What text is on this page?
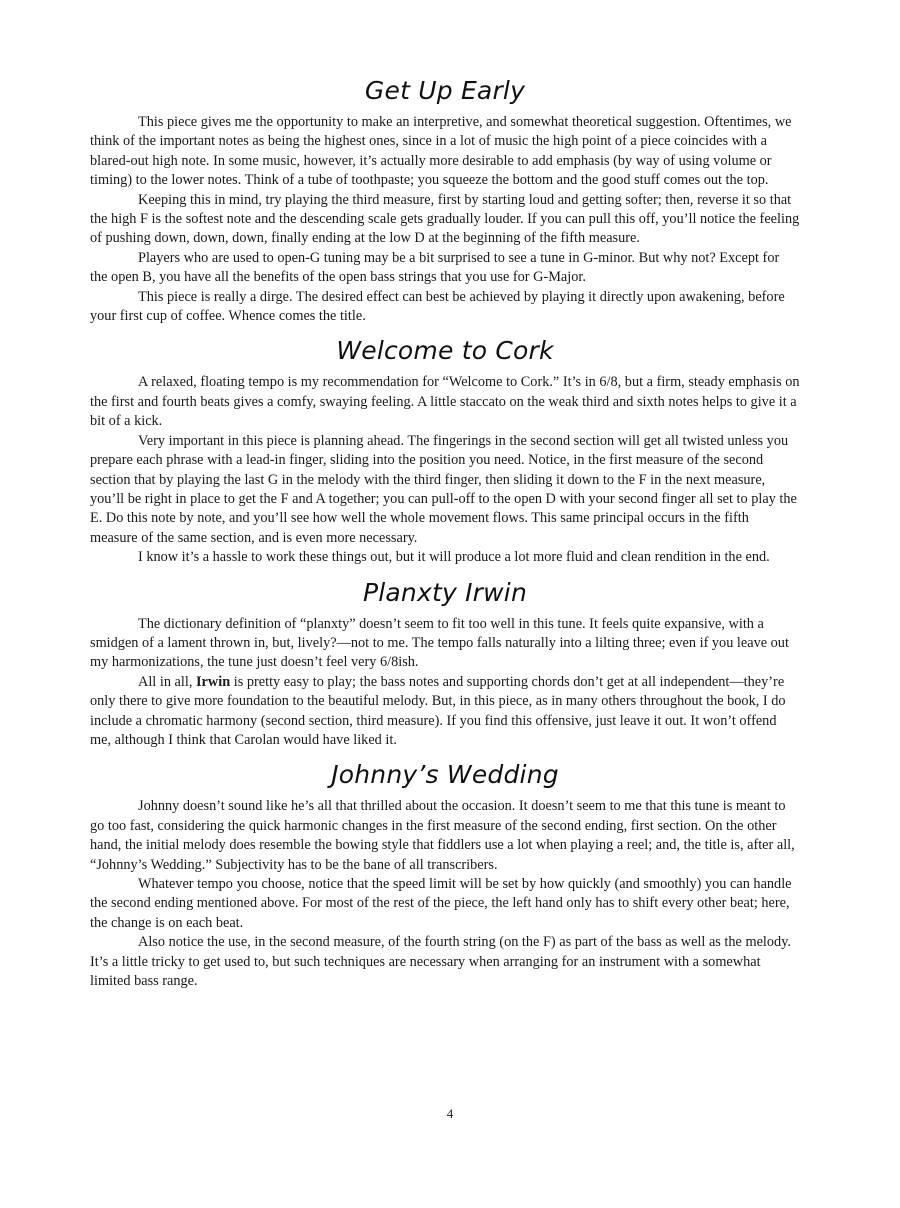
Get Up Early

This piece gives me the opportunity to make an interpretive, and somewhat theoretical suggestion. Oftentimes, we think of the important notes as being the highest ones, since in a lot of music the high point of a piece coincides with a blared-out high note. In some music, however, it’s actually more desirable to add emphasis (by way of using volume or timing) to the lower notes. Think of a tube of toothpaste; you squeeze the bottom and the good stuff comes out the top.

Keeping this in mind, try playing the third measure, first by starting loud and getting softer; then, reverse it so that the high F is the softest note and the descending scale gets gradually louder. If you can pull this off, you’ll notice the feeling of pushing down, down, down, finally ending at the low D at the beginning of the fifth measure.

Players who are used to open-G tuning may be a bit surprised to see a tune in G-minor. But why not? Except for the open B, you have all the benefits of the open bass strings that you use for G-Major.

This piece is really a dirge. The desired effect can best be achieved by playing it directly upon awakening, before your first cup of coffee. Whence comes the title.

Welcome to Cork

A relaxed, floating tempo is my recommendation for “Welcome to Cork.” It’s in 6/8, but a firm, steady emphasis on the first and fourth beats gives a comfy, swaying feeling. A little staccato on the weak third and sixth notes helps to give it a bit of a kick.

Very important in this piece is planning ahead. The fingerings in the second section will get all twisted unless you prepare each phrase with a lead-in finger, sliding into the position you need. Notice, in the first measure of the second section that by playing the last G in the melody with the third finger, then sliding it down to the F in the next measure, you’ll be right in place to get the F and A together; you can pull-off to the open D with your second finger all set to play the E. Do this note by note, and you’ll see how well the whole movement flows. This same principal occurs in the fifth measure of the same section, and is even more necessary.

I know it’s a hassle to work these things out, but it will produce a lot more fluid and clean rendition in the end.

Planxty Irwin

The dictionary definition of “planxty” doesn’t seem to fit too well in this tune. It feels quite expansive, with a smidgen of a lament thrown in, but, lively?—not to me. The tempo falls naturally into a lilting three; even if you leave out my harmonizations, the tune just doesn’t feel very 6/8ish.

All in all, Irwin is pretty easy to play; the bass notes and supporting chords don’t get at all independent—they’re only there to give more foundation to the beautiful melody. But, in this piece, as in many others throughout the book, I do include a chromatic harmony (second section, third measure). If you find this offensive, just leave it out. It won’t offend me, although I think that Carolan would have liked it.

Johnny’s Wedding

Johnny doesn’t sound like he’s all that thrilled about the occasion. It doesn’t seem to me that this tune is meant to go too fast, considering the quick harmonic changes in the first measure of the second ending, first section. On the other hand, the initial melody does resemble the bowing style that fiddlers use a lot when playing a reel; and, the title is, after all, “Johnny’s Wedding.” Subjectivity has to be the bane of all transcribers.

Whatever tempo you choose, notice that the speed limit will be set by how quickly (and smoothly) you can handle the second ending mentioned above. For most of the rest of the piece, the left hand only has to shift every other beat; here, the change is on each beat.

Also notice the use, in the second measure, of the fourth string (on the F) as part of the bass as well as the melody. It’s a little tricky to get used to, but such techniques are necessary when arranging for an instrument with a somewhat limited bass range.

4
